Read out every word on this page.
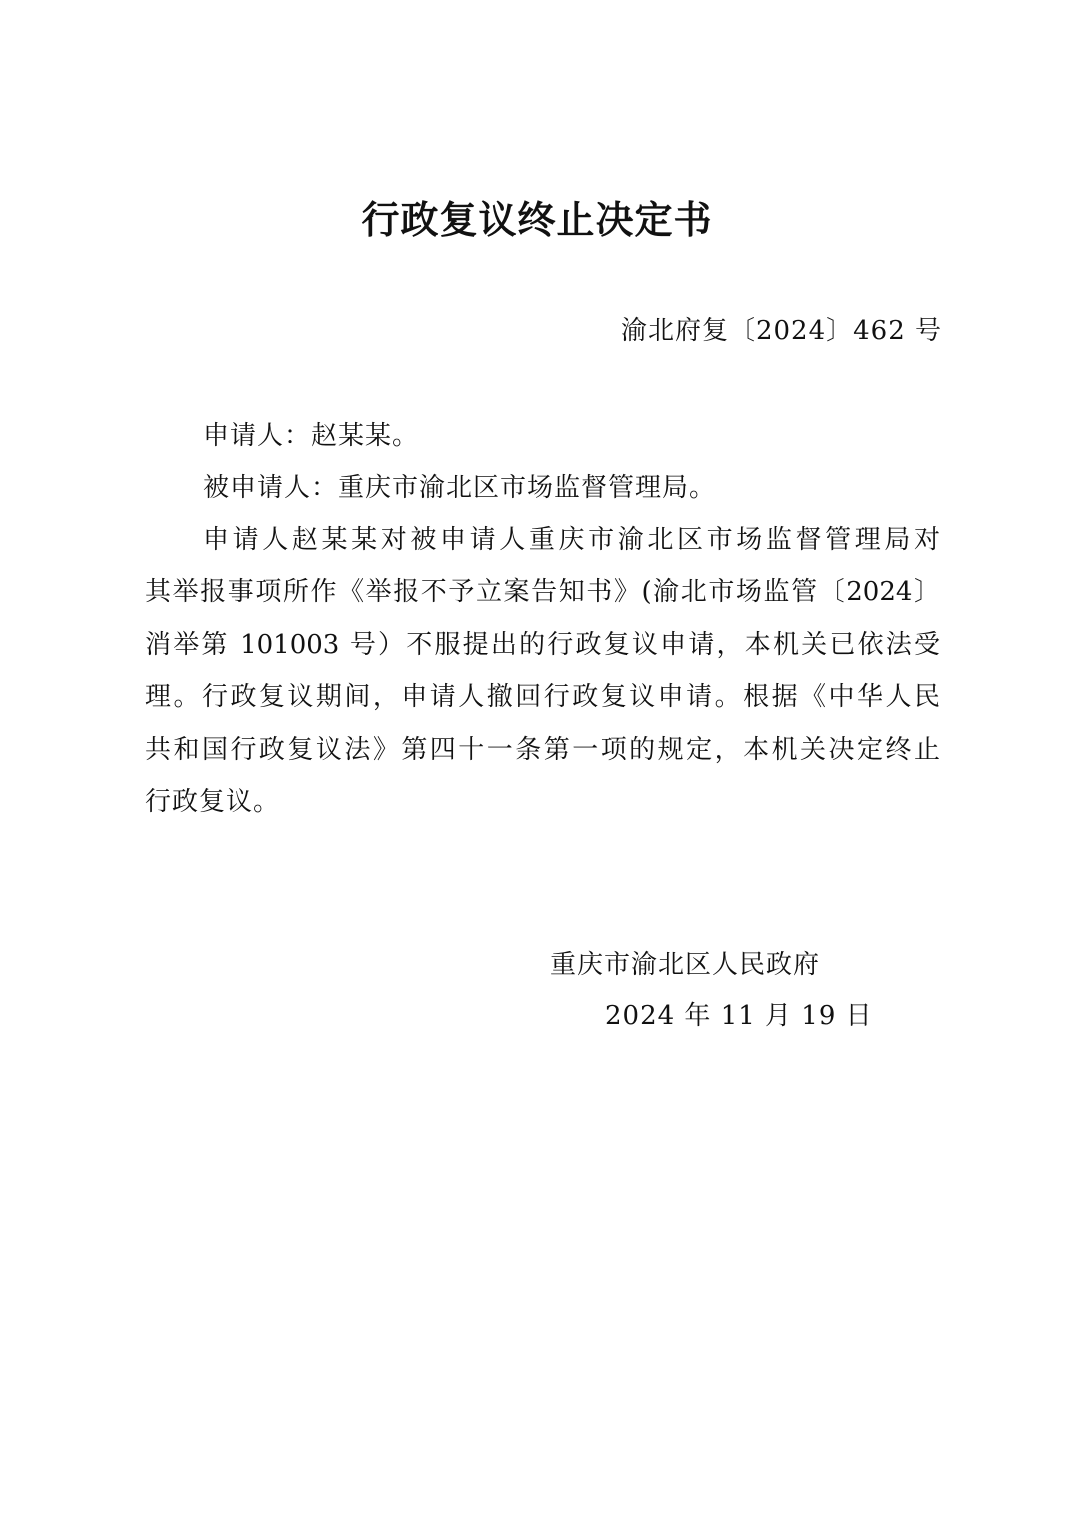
行政复议终止决定书
渝北府复〔2024〕462 号
申请人：赵某某。
被申请人：重庆市渝北区市场监督管理局。
申请人赵某某对被申请人重庆市渝北区市场监督管理局对
其举报事项所作《举报不予立案告知书》(渝北市场监管〔2024〕
消举第 101003 号）不服提出的行政复议申请，本机关已依法受
理。行政复议期间，申请人撤回行政复议申请。根据《中华人民
共和国行政复议法》第四十一条第一项的规定，本机关决定终止
行政复议。
重庆市渝北区人民政府
2024 年 11 月 19 日
